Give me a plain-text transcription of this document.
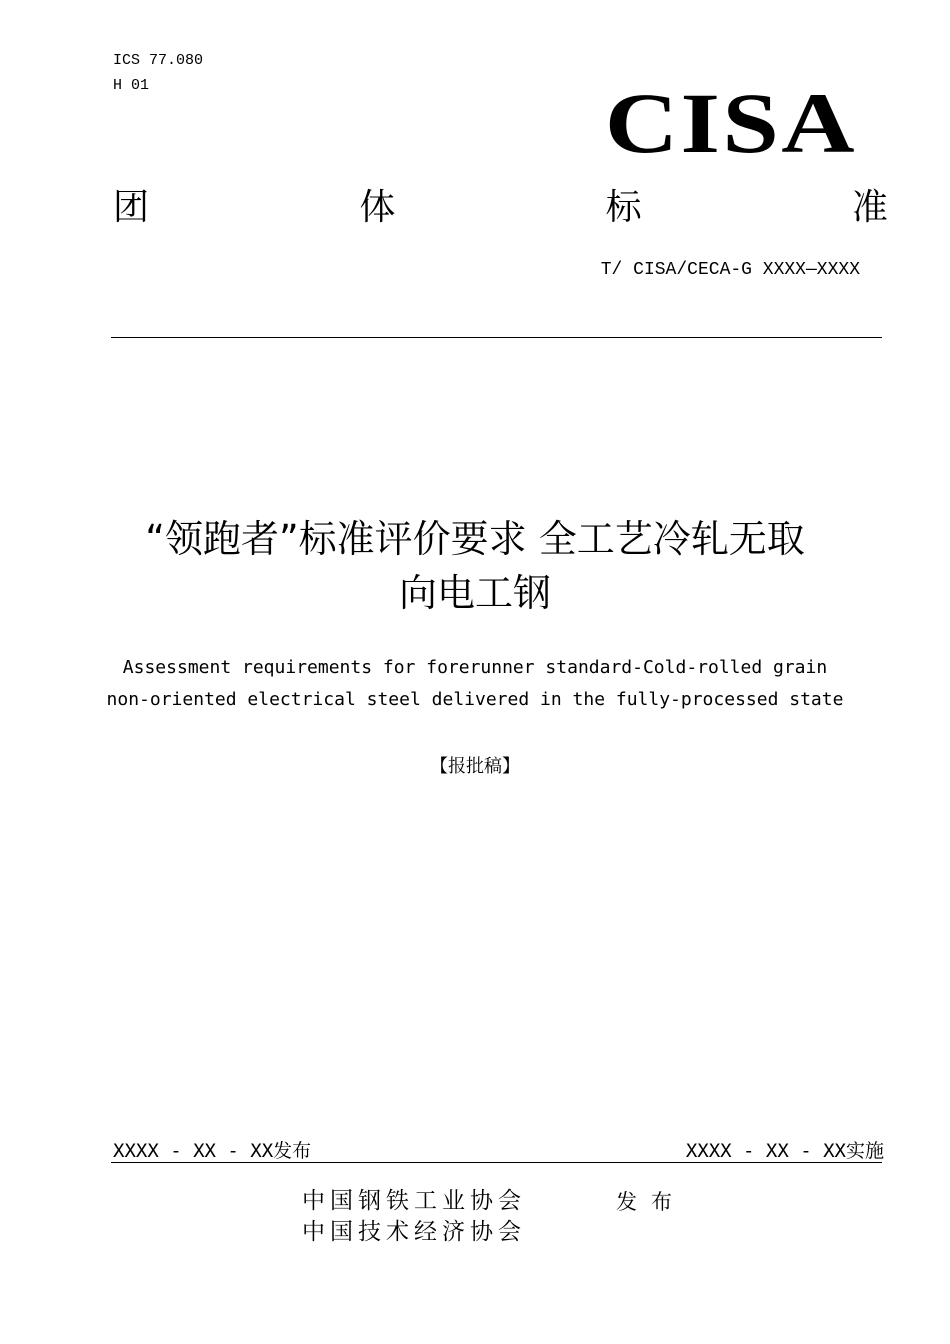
ICS 77.080
H 01	CISA
团	体	标	准
T/ CISA/CECA-G XXXX—XXXX
“领跑者”标准评价要求 全工艺冷轧无取
向电工钢
Assessment requirements for forerunner standard-Cold-rolled grain
non-oriented electrical steel delivered in the fully-processed state
【报批稿】
XXXX - XX - XX发布	XXXX - XX - XX实施
中国钢铁工业协会
中国技术经济协会
发布
